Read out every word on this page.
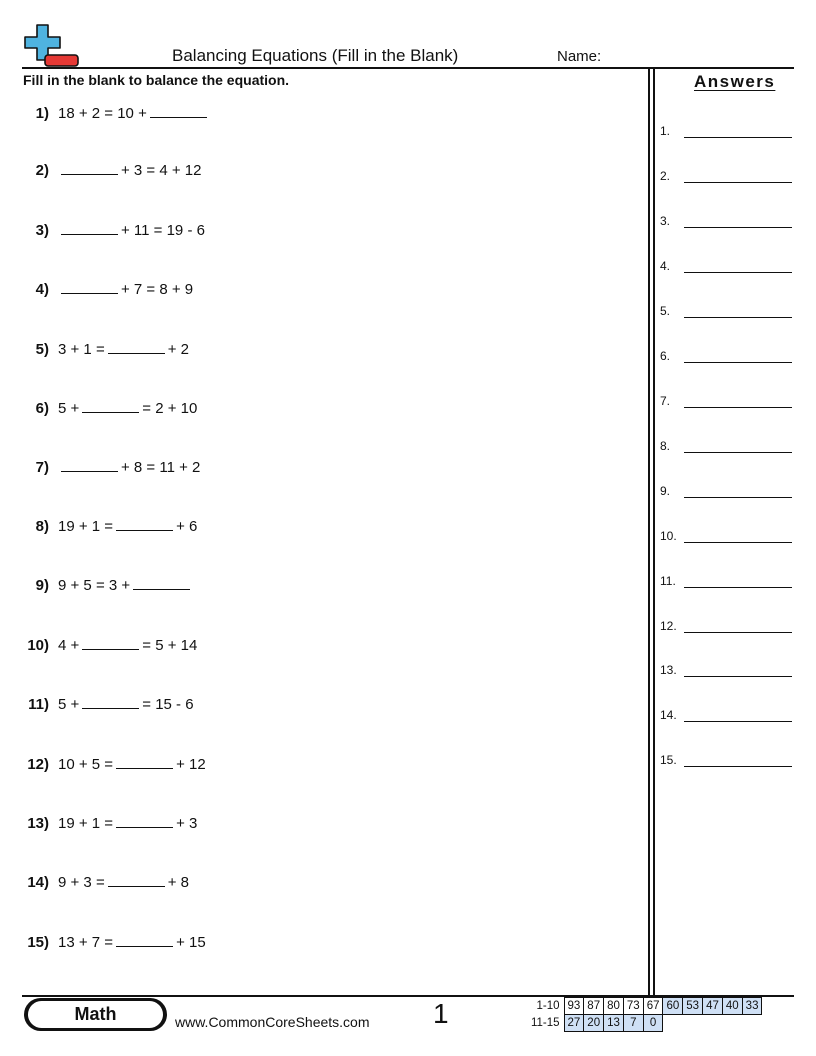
Balancing Equations (Fill in the Blank)	Name:
Fill in the blank to balance the equation.
1) 18 + 2 = 10 +
2)	+ 3 = 4 + 12
3)	+ 11 = 19 - 6
4)	+ 7 = 8 + 9
5) 3 + 1 =	+ 2
6) 5 +	= 2 + 10
7)	+ 8 = 11 + 2
8) 19 + 1 =	+ 6
9) 9 + 5 = 3 +
10) 4 +	= 5 + 14
11) 5 +	= 15 - 6
12) 10 + 5 =	+ 12
13) 19 + 1 =	+ 3
14) 9 + 3 =	+ 8
15) 13 + 7 =	+ 15
Answers
1.
2.
3.
4.
5.
6.
7.
8.
9.
10.
11.
12.
13.
14.
15.
Math	www.CommonCoreSheets.com 1	1-10	93	87	80	73	67	60	53	47	40	33
11-15	27	20	13	7	0					
